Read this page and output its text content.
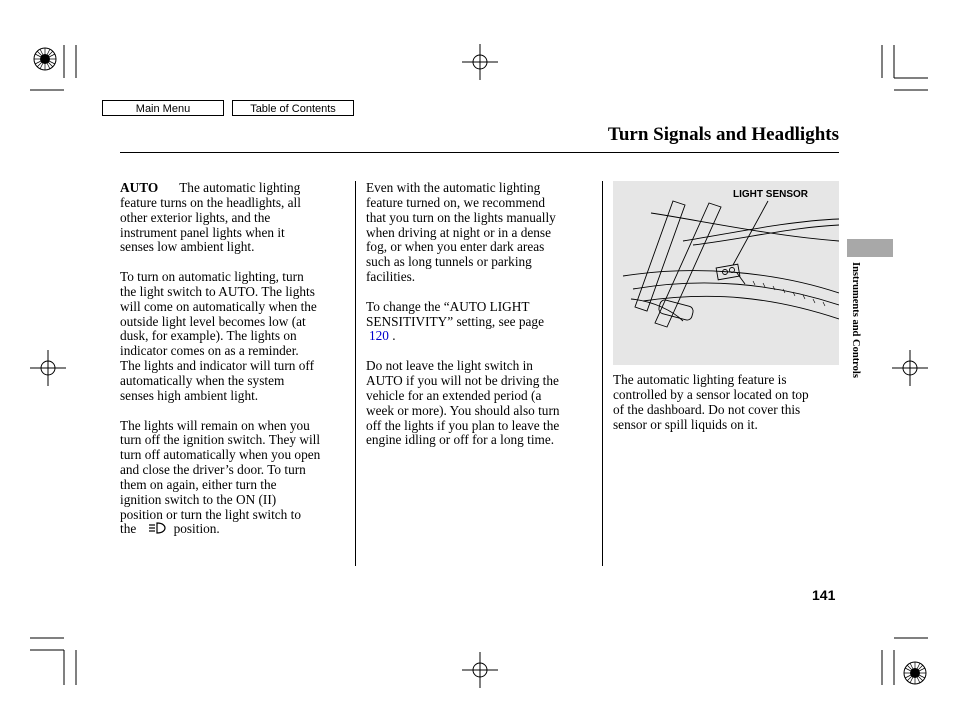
Main Menu	Table of Contents
Turn Signals and Headlights

AUTO The automatic lighting
feature turns on the headlights, all
other exterior lights, and the
instrument panel lights when it
senses low ambient light.

To turn on automatic lighting, turn
the light switch to AUTO. The lights
will come on automatically when the
outside light level becomes low (at
dusk, for example). The lights on
indicator comes on as a reminder.
The lights and indicator will turn off
automatically when the system
senses high ambient light.

The lights will remain on when you
turn off the ignition switch. They will
turn off automatically when you open
and close the driver’s door. To turn
them on again, either turn the
ignition switch to the ON (II)
position or turn the light switch to
the	position.

Even with the automatic lighting
feature turned on, we recommend
that you turn on the lights manually
when driving at night or in a dense
fog, or when you enter dark areas
such as long tunnels or parking
facilities.

To change the “AUTO LIGHT
SENSITIVITY” setting, see page
120 .

Do not leave the light switch in
AUTO if you will not be driving the
vehicle for an extended period (a
week or more). You should also turn
off the lights if you plan to leave the
engine idling or off for a long time.

LIGHT SENSOR

The automatic lighting feature is
controlled by a sensor located on top
of the dashboard. Do not cover this
sensor or spill liquids on it.

Instruments and Controls
141
